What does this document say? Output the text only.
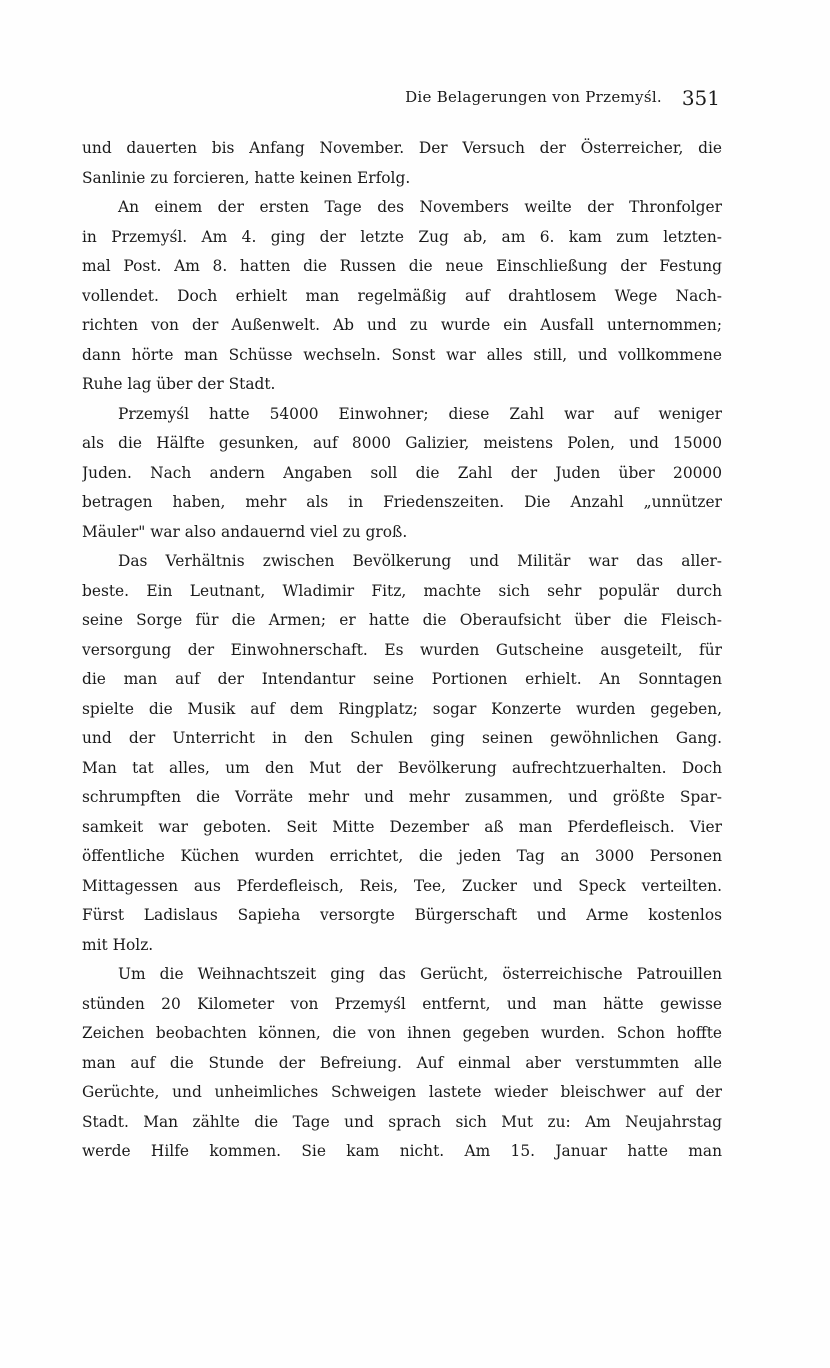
Die Belagerungen von Przemyśl. 351
und dauerten bis Anfang November. Der Versuch der Österreicher, die
Sanlinie zu forcieren, hatte keinen Erfolg.
An einem der ersten Tage des Novembers weilte der Thronfolger
in Przemyśl. Am 4. ging der letzte Zug ab, am 6. kam zum letzten-
mal Post. Am 8. hatten die Russen die neue Einschließung der Festung
vollendet. Doch erhielt man regelmäßig auf drahtlosem Wege Nach-
richten von der Außenwelt. Ab und zu wurde ein Ausfall unternommen;
dann hörte man Schüsse wechseln. Sonst war alles still, und vollkommene
Ruhe lag über der Stadt.
Przemyśl hatte 54000 Einwohner; diese Zahl war auf weniger
als die Hälfte gesunken, auf 8000 Galizier, meistens Polen, und 15000
Juden. Nach andern Angaben soll die Zahl der Juden über 20000
betragen haben, mehr als in Friedenszeiten. Die Anzahl „unnützer
Mäuler" war also andauernd viel zu groß.
Das Verhältnis zwischen Bevölkerung und Militär war das aller-
beste. Ein Leutnant, Wladimir Fitz, machte sich sehr populär durch
seine Sorge für die Armen; er hatte die Oberaufsicht über die Fleisch-
versorgung der Einwohnerschaft. Es wurden Gutscheine ausgeteilt, für
die man auf der Intendantur seine Portionen erhielt. An Sonntagen
spielte die Musik auf dem Ringplatz; sogar Konzerte wurden gegeben,
und der Unterricht in den Schulen ging seinen gewöhnlichen Gang.
Man tat alles, um den Mut der Bevölkerung aufrechtzuerhalten. Doch
schrumpften die Vorräte mehr und mehr zusammen, und größte Spar-
samkeit war geboten. Seit Mitte Dezember aß man Pferdefleisch. Vier
öffentliche Küchen wurden errichtet, die jeden Tag an 3000 Personen
Mittagessen aus Pferdefleisch, Reis, Tee, Zucker und Speck verteilten.
Fürst Ladislaus Sapieha versorgte Bürgerschaft und Arme kostenlos
mit Holz.
Um die Weihnachtszeit ging das Gerücht, österreichische Patrouillen
stünden 20 Kilometer von Przemyśl entfernt, und man hätte gewisse
Zeichen beobachten können, die von ihnen gegeben wurden. Schon hoffte
man auf die Stunde der Befreiung. Auf einmal aber verstummten alle
Gerüchte, und unheimliches Schweigen lastete wieder bleischwer auf der
Stadt. Man zählte die Tage und sprach sich Mut zu: Am Neujahrstag
werde Hilfe kommen. Sie kam nicht. Am 15. Januar hatte man
